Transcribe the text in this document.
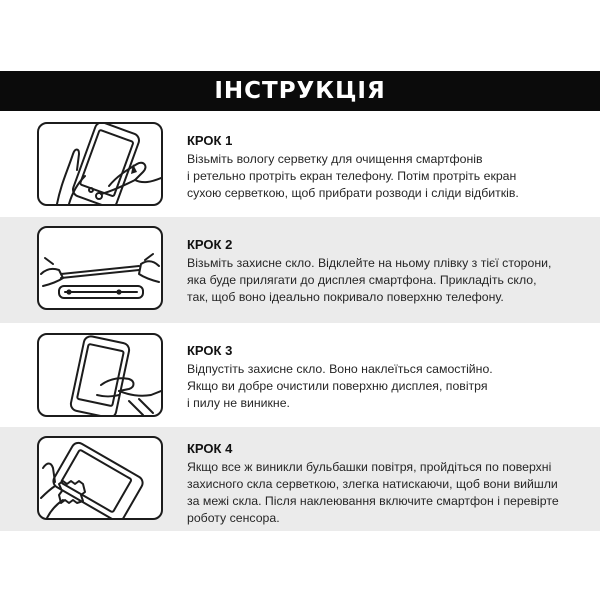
ІНСТРУКЦІЯ
КРОК 1
Візьміть вологу серветку для очищення смартфонів
і ретельно протріть екран телефону. Потім протріть екран
сухою серветкою, щоб прибрати розводи і сліди відбитків.
КРОК 2
Візьміть захисне скло. Відклейте на ньому плівку з тієї сторони,
яка буде прилягати до дисплея смартфона. Прикладіть скло,
так, щоб воно ідеально покривало поверхню телефону.
КРОК 3
Відпустіть захисне скло. Воно наклеїться самостійно.
Якщо ви добре очистили поверхню дисплея, повітря
і пилу не виникне.
КРОК 4
Якщо все ж виникли бульбашки повітря, пройдіться по поверхні
захисного скла серветкою, злегка натискаючи, щоб вони вийшли
за межі скла. Після наклеювання включите смартфон і перевірте
роботу сенсора.
